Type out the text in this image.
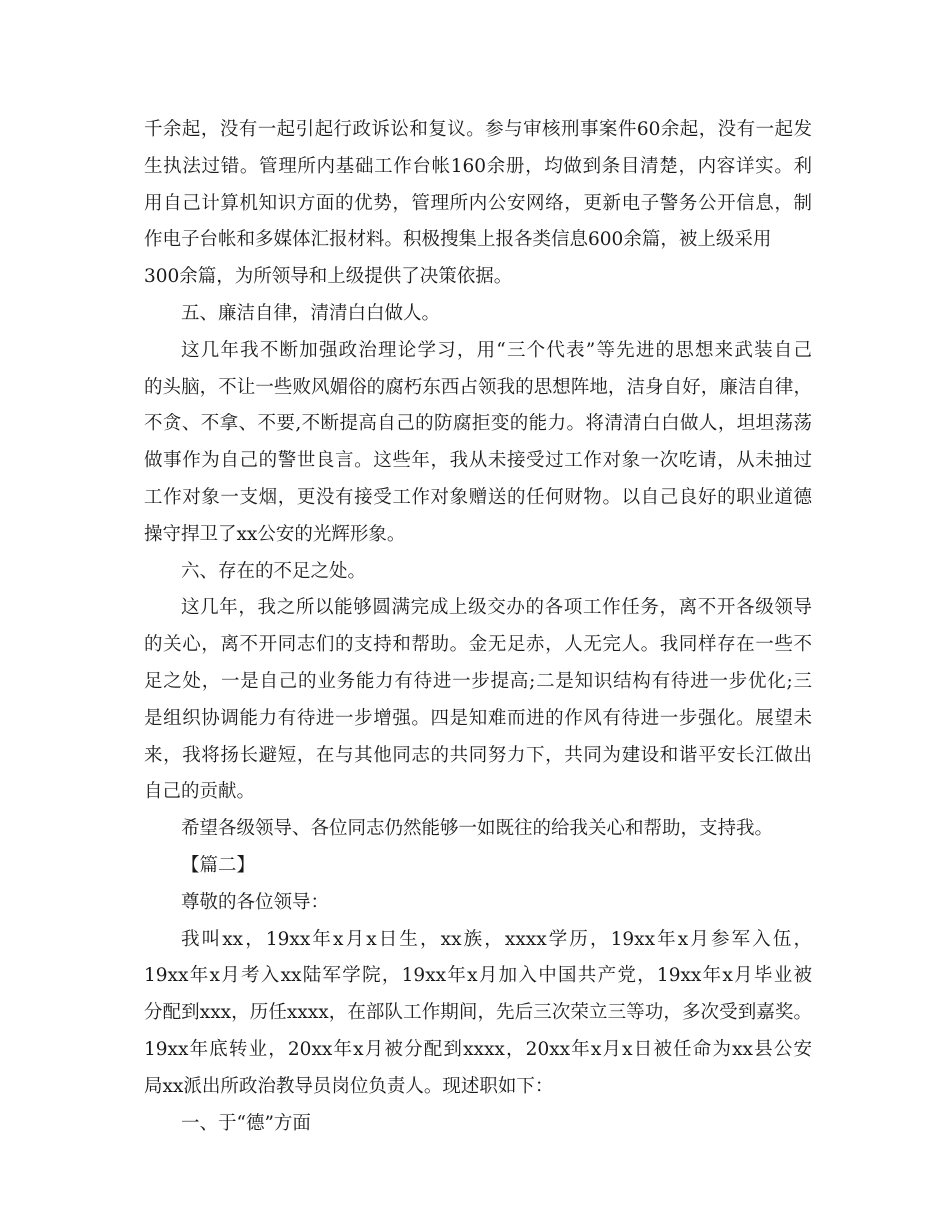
千余起，没有一起引起行政诉讼和复议。参与审核刑事案件60余起，没有一起发
生执法过错。管理所内基础工作台帐160余册，均做到条目清楚，内容详实。利
用自己计算机知识方面的优势，管理所内公安网络，更新电子警务公开信息，制
作电子台帐和多媒体汇报材料。积极搜集上报各类信息600余篇，被上级采用
300余篇，为所领导和上级提供了决策依据。
五、廉洁自律，清清白白做人。
这几年我不断加强政治理论学习，用“三个代表”等先进的思想来武装自己
的头脑，不让一些败风媚俗的腐朽东西占领我的思想阵地，洁身自好，廉洁自律，
不贪、不拿、不要,不断提高自己的防腐拒变的能力。将清清白白做人，坦坦荡荡
做事作为自己的警世良言。这些年，我从未接受过工作对象一次吃请，从未抽过
工作对象一支烟，更没有接受工作对象赠送的任何财物。以自己良好的职业道德
操守捍卫了xx公安的光辉形象。
六、存在的不足之处。
这几年，我之所以能够圆满完成上级交办的各项工作任务，离不开各级领导
的关心，离不开同志们的支持和帮助。金无足赤，人无完人。我同样存在一些不
足之处，一是自己的业务能力有待进一步提高;二是知识结构有待进一步优化;三
是组织协调能力有待进一步增强。四是知难而进的作风有待进一步强化。展望未
来，我将扬长避短，在与其他同志的共同努力下，共同为建设和谐平安长江做出
自己的贡献。
希望各级领导、各位同志仍然能够一如既往的给我关心和帮助，支持我。
【篇二】
尊敬的各位领导：
我叫xx，19xx年x月x日生，xx族，xxxx学历，19xx年x月参军入伍，
19xx年x月考入xx陆军学院，19xx年x月加入中国共产党，19xx年x月毕业被
分配到xxx，历任xxxx，在部队工作期间，先后三次荣立三等功，多次受到嘉奖。
19xx年底转业，20xx年x月被分配到xxxx，20xx年x月x日被任命为xx县公安
局xx派出所政治教导员岗位负责人。现述职如下：
一、于“德”方面
